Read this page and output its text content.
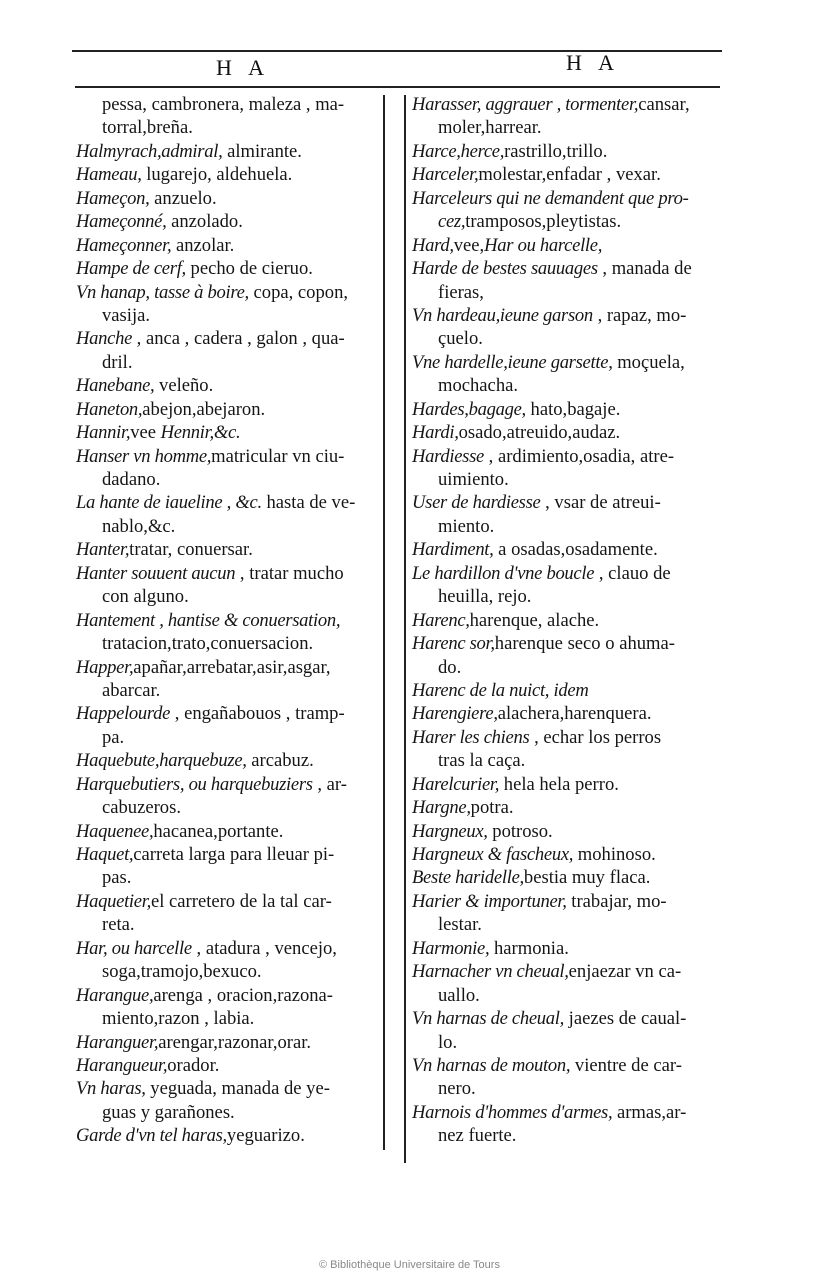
H A	H A
pessa, cambronera, maleza , ma-
torral,breña.
Halmyrach,admiral, almirante.
Hameau, lugarejo, aldehuela.
Hameçon, anzuelo.
Hameçonné, anzolado.
Hameçonner, anzolar.
Hampe de cerf, pecho de cieruo.
Vn hanap, tasse à boire, copa, copon,
vasija.
Hanche , anca , cadera , galon , qua-
dril.
Hanebane, veleño.
Haneton,abejon,abejaron.
Hannir,vee Hennir,&c.
Hanser vn homme,matricular vn ciu-
dadano.
La hante de iaueline , &c. hasta de ve-
nablo,&c.
Hanter,tratar, conuersar.
Hanter souuent aucun , tratar mucho
con alguno.
Hantement , hantise & conuersation,
tratacion,trato,conuersacion.
Happer,apañar,arrebatar,asir,asgar,
abarcar.
Happelourde , engañabouos , tramp-
pa.
Haquebute,harquebuze, arcabuz.
Harquebutiers, ou harquebuziers , ar-
cabuzeros.
Haquenee,hacanea,portante.
Haquet,carreta larga para lleuar pi-
pas.
Haquetier,el carretero de la tal car-
reta.
Har, ou harcelle , atadura , vencejo,
soga,tramojo,bexuco.
Harangue,arenga , oracion,razona-
miento,razon , labia.
Haranguer,arengar,razonar,orar.
Harangueur,orador.
Vn haras, yeguada, manada de ye-
guas y garañones.
Garde d'vn tel haras,yeguarizo.
Harasser, aggrauer , tormenter,cansar,
moler,harrear.
Harce,herce,rastrillo,trillo.
Harceler,molestar,enfadar , vexar.
Harceleurs qui ne demandent que pro-
cez,tramposos,pleytistas.
Hard,vee,Har ou harcelle,
Harde de bestes sauuages , manada de
fieras,
Vn hardeau,ieune garson , rapaz, mo-
çuelo.
Vne hardelle,ieune garsette, moçuela,
mochacha.
Hardes,bagage, hato,bagaje.
Hardi,osado,atreuido,audaz.
Hardiesse , ardimiento,osadia, atre-
uimiento.
User de hardiesse , vsar de atreui-
miento.
Hardiment, a osadas,osadamente.
Le hardillon d'vne boucle , clauo de
heuilla, rejo.
Harenc,harenque, alache.
Harenc sor,harenque seco o ahuma-
do.
Harenc de la nuict, idem
Harengiere,alachera,harenquera.
Harer les chiens , echar los perros
tras la caça.
Harelcurier, hela hela perro.
Hargne,potra.
Hargneux, potroso.
Hargneux & fascheux, mohinoso.
Beste haridelle,bestia muy flaca.
Harier & importuner, trabajar, mo-
lestar.
Harmonie, harmonia.
Harnacher vn cheual,enjaezar vn ca-
uallo.
Vn harnas de cheual, jaezes de caual-
lo.
Vn harnas de mouton, vientre de car-
nero.
Harnois d'hommes d'armes, armas,ar-
nez fuerte.
© Bibliothèque Universitaire de Tours
